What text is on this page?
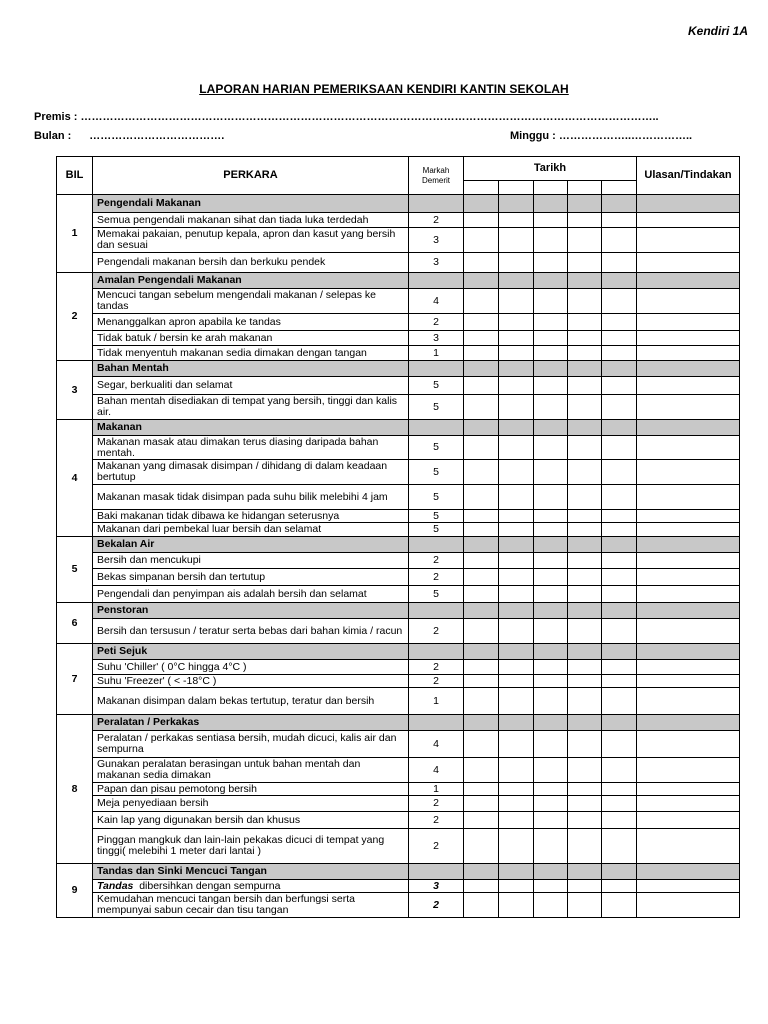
Kendiri 1A
LAPORAN HARIAN PEMERIKSAAN KENDIRI KANTIN SEKOLAH
Premis : …………………………………………………………………………………………………………………………………………..
Bulan : ……………………………….	Minggu : ………………..……………..
BIL	PERKARA	Markah Demerit	Tarikh					Ulasan/Tindakan

1	Pengendali Makanan							
	Semua pengendali makanan sihat dan tiada luka terdedah	2						
	Memakai pakaian, penutup kepala, apron dan kasut yang bersih dan sesuai	3						
	Pengendali makanan bersih dan berkuku pendek	3						
2	Amalan Pengendali Makanan							
	Mencuci tangan sebelum mengendali makanan / selepas ke tandas	4						
	Menanggalkan apron apabila ke tandas	2						
	Tidak batuk / bersin ke arah makanan	3						
	Tidak menyentuh makanan sedia dimakan dengan tangan	1						
3	Bahan Mentah							
	Segar, berkualiti dan selamat	5						
	Bahan mentah disediakan di tempat yang bersih, tinggi dan kalis air.	5						
4	Makanan							
	Makanan masak atau dimakan terus diasing daripada bahan mentah.	5						
	Makanan yang dimasak disimpan / dihidang di dalam keadaan bertutup	5						
	Makanan masak tidak disimpan pada suhu bilik melebihi 4 jam	5						
	Baki makanan tidak dibawa ke hidangan seterusnya	5						
	Makanan dari pembekal luar bersih dan selamat	5						
5	Bekalan Air							
	Bersih dan mencukupi	2						
	Bekas simpanan bersih dan tertutup	2						
	Pengendali dan penyimpan ais adalah bersih dan selamat	5						
6	Penstoran							
	Bersih dan tersusun / teratur serta bebas dari bahan kimia / racun	2						
7	Peti Sejuk							
	Suhu 'Chiller' ( 0°C hingga 4°C )	2						
	Suhu 'Freezer' ( < -18°C )	2						
	Makanan disimpan dalam bekas tertutup, teratur dan bersih	1						
8	Peralatan / Perkakas							
	Peralatan / perkakas sentiasa bersih, mudah dicuci, kalis air dan sempurna	4						
	Gunakan peralatan berasingan untuk bahan mentah dan makanan sedia dimakan	4						
	Papan dan pisau pemotong bersih	1						
	Meja penyediaan bersih	2						
	Kain lap yang digunakan bersih dan khusus	2						
	Pinggan mangkuk dan lain-lain pekakas dicuci di tempat yang tinggi( melebihi 1 meter dari lantai )	2						
9	Tandas dan Sinki Mencuci Tangan							
	Tandas  dibersihkan dengan sempurna	3						
	Kemudahan mencuci tangan bersih dan berfungsi serta mempunyai sabun cecair dan tisu tangan	2						
